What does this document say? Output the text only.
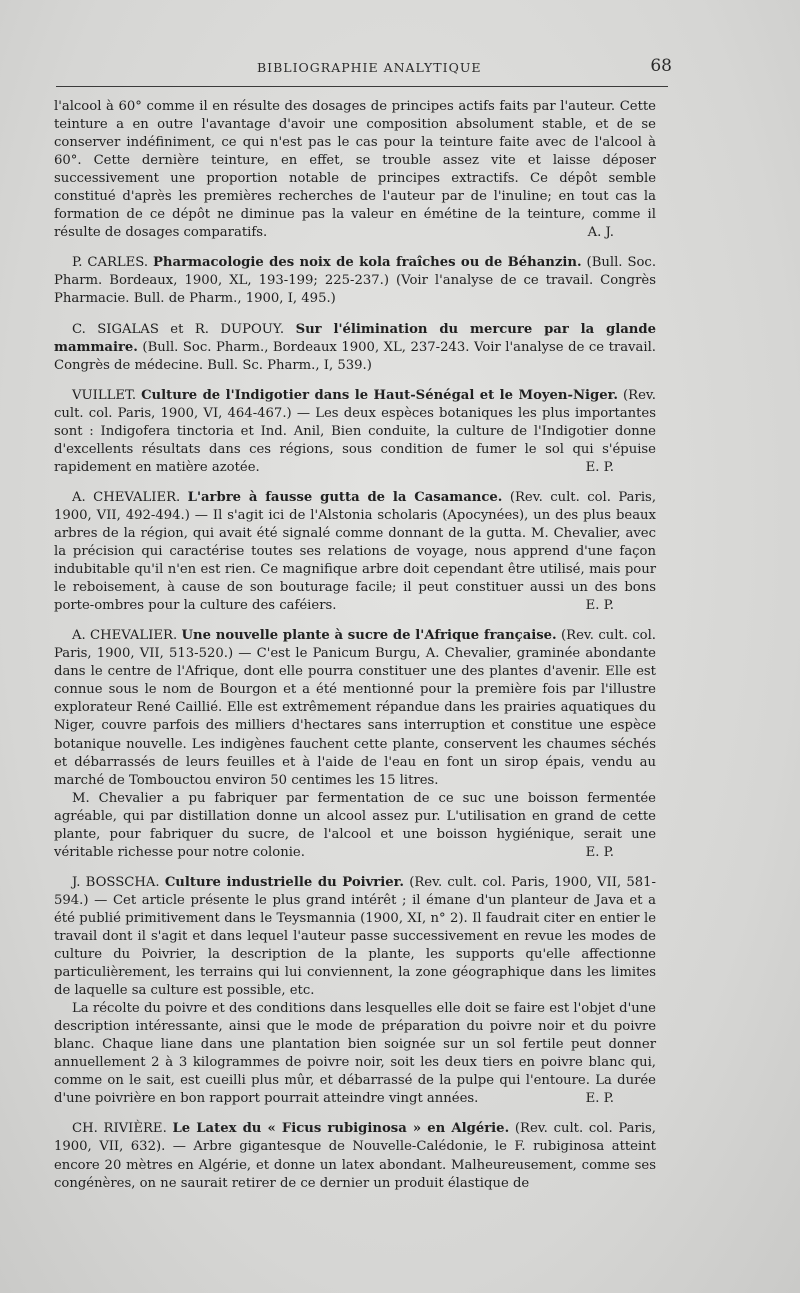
BIBLIOGRAPHIE ANALYTIQUE	68

l'alcool à 60° comme il en résulte des dosages de principes actifs faits par l'auteur. Cette teinture a en outre l'avantage d'avoir une composition absolument stable, et de se conserver indéfiniment, ce qui n'est pas le cas pour la teinture faite avec de l'alcool à 60°. Cette dernière teinture, en effet, se trouble assez vite et laisse déposer successivement une proportion notable de principes extractifs. Ce dépôt semble constitué d'après les premières recherches de l'auteur par de l'inuline; en tout cas la formation de ce dépôt ne diminue pas la valeur en émétine de la teinture, comme il résulte de dosages comparatifs.	A. J.

P. CARLES. Pharmacologie des noix de kola fraîches ou de Béhanzin. (Bull. Soc. Pharm. Bordeaux, 1900, XL, 193-199; 225-237.) (Voir l'analyse de ce travail. Congrès Pharmacie. Bull. de Pharm., 1900, I, 495.)

C. SIGALAS et R. DUPOUY. Sur l'élimination du mercure par la glande mammaire. (Bull. Soc. Pharm., Bordeaux 1900, XL, 237-243. Voir l'analyse de ce travail. Congrès de médecine. Bull. Sc. Pharm., I, 539.)

VUILLET. Culture de l'Indigotier dans le Haut-Sénégal et le Moyen-Niger. (Rev. cult. col. Paris, 1900, VI, 464-467.) — Les deux espèces botaniques les plus importantes sont : Indigofera tinctoria et Ind. Anil, Bien conduite, la culture de l'Indigotier donne d'excellents résultats dans ces régions, sous condition de fumer le sol qui s'épuise rapidement en matière azotée.	E. P.

A. CHEVALIER. L'arbre à fausse gutta de la Casamance. (Rev. cult. col. Paris, 1900, VII, 492-494.) — Il s'agit ici de l'Alstonia scholaris (Apocynées), un des plus beaux arbres de la région, qui avait été signalé comme donnant de la gutta. M. Chevalier, avec la précision qui caractérise toutes ses relations de voyage, nous apprend d'une façon indubitable qu'il n'en est rien. Ce magnifique arbre doit cependant être utilisé, mais pour le reboisement, à cause de son bouturage facile; il peut constituer aussi un des bons porte-ombres pour la culture des caféiers.	E. P.

A. CHEVALIER. Une nouvelle plante à sucre de l'Afrique française. (Rev. cult. col. Paris, 1900, VII, 513-520.) — C'est le Panicum Burgu, A. Chevalier, graminée abondante dans le centre de l'Afrique, dont elle pourra constituer une des plantes d'avenir. Elle est connue sous le nom de Bourgon et a été mentionné pour la première fois par l'illustre explorateur René Caillié. Elle est extrêmement répandue dans les prairies aquatiques du Niger, couvre parfois des milliers d'hectares sans interruption et constitue une espèce botanique nouvelle. Les indigènes fauchent cette plante, conservent les chaumes séchés et débarrassés de leurs feuilles et à l'aide de l'eau en font un sirop épais, vendu au marché de Tombouctou environ 50 centimes les 15 litres.

M. Chevalier a pu fabriquer par fermentation de ce suc une boisson fermentée agréable, qui par distillation donne un alcool assez pur. L'utilisation en grand de cette plante, pour fabriquer du sucre, de l'alcool et une boisson hygiénique, serait une véritable richesse pour notre colonie.	E. P.

J. BOSSCHA. Culture industrielle du Poivrier. (Rev. cult. col. Paris, 1900, VII, 581-594.) — Cet article présente le plus grand intérêt ; il émane d'un planteur de Java et a été publié primitivement dans le Teysmannia (1900, XI, n° 2). Il faudrait citer en entier le travail dont il s'agit et dans lequel l'auteur passe successivement en revue les modes de culture du Poivrier, la description de la plante, les supports qu'elle affectionne particulièrement, les terrains qui lui conviennent, la zone géographique dans les limites de laquelle sa culture est possible, etc.

La récolte du poivre et des conditions dans lesquelles elle doit se faire est l'objet d'une description intéressante, ainsi que le mode de préparation du poivre noir et du poivre blanc. Chaque liane dans une plantation bien soignée sur un sol fertile peut donner annuellement 2 à 3 kilogrammes de poivre noir, soit les deux tiers en poivre blanc qui, comme on le sait, est cueilli plus mûr, et débarrassé de la pulpe qui l'entoure. La durée d'une poivrière en bon rapport pourrait atteindre vingt années.	E. P.

CH. RIVIÈRE. Le Latex du « Ficus rubiginosa » en Algérie. (Rev. cult. col. Paris, 1900, VII, 632). — Arbre gigantesque de Nouvelle-Calédonie, le F. rubiginosa atteint encore 20 mètres en Algérie, et donne un latex abondant. Malheureusement, comme ses congénères, on ne saurait retirer de ce dernier un produit élastique de
